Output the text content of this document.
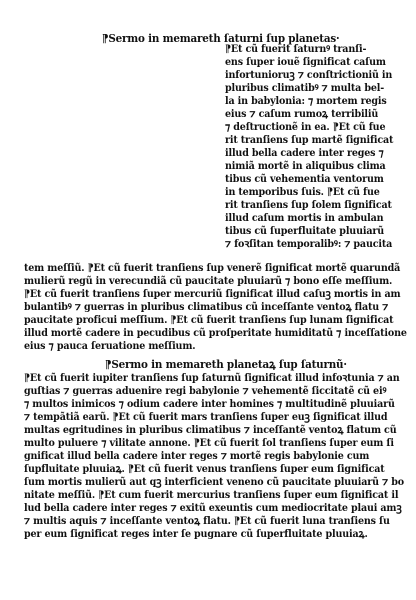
⁋Sermo in memareth ſaturni ſup planetas·
⁋Et cũ fuerit ſaturnꝰ tranſi-
ens ſuper iouẽ ſignificat caſum
infortunioruꝫ ⁊ conſtrictioniũ in
pluribus climatibꝰ ⁊ multa bel-
la in babylonia: ⁊ mortem regis
eius ⁊ caſum rumoꝝ terribiliũ
⁊ deſtructionẽ in ea. ⁋Et cũ fue
rit tranſiens ſup martẽ ſignificat
illud bella cadere inter reges ⁊
nimiã mortẽ in aliquibus clima
tibus cũ vehementia ventorum
in temporibus ſuis. ⁋Et cũ fue
rit tranſiens ſup ſolem ſignificat
illud caſum mortis in ambulan
tibus cũ ſuperfluitate pluuiarũ
⁊ foꝛſitan temporalibꝰ: ⁊ paucita
tem meſſiũ. ⁋Et cũ fuerit tranſiens ſup venerẽ ſignificat mortẽ quarundã
mulierũ regũ in verecundiã cũ paucitate pluuiarũ ⁊ bono eſſe meſſium.
⁋Et cũ fuerit tranſiens ſuper mercuriũ ſignificat illud caſuꝫ mortis in am
bulantibꝰ ⁊ guerras in pluribus climatibus cũ inceſſante ventoꝝ flatu ⁊
paucitate proficui meſſium. ⁋Et cũ fuerit tranſiens ſup lunam ſignificat
illud mortẽ cadere in pecudibus cũ proſperitate humiditatũ ⁊ inceſſatione
eius ⁊ pauca ſeruatione meſſium.
⁋Sermo in memareth planetaꝝ ſup ſaturnũ·
⁋Et cũ fuerit iupiter tranſiens ſup ſaturnũ ſignificat illud infoꝛtunia ⁊ an
guſtias ⁊ guerras aduenire regi babylonie ⁊ vehementẽ ſiccitatẽ cũ eiꝰ
⁊ multos inimicos ⁊ odium cadere inter homines ⁊ multitudinẽ pluuiarũ
⁊ tempãtiã earũ. ⁋Et cũ fuerit mars tranſiens ſuper euꝫ ſignificat illud
multas egritudines in pluribus climatibus ⁊ inceſſantẽ ventoꝝ flatum cũ
multo puluere ⁊ vilitate annone. ⁋Et cũ fuerit ſol tranſiens ſuper eum ſi
gnificat illud bella cadere inter reges ⁊ mortẽ regis babylonie cum ſupfluitate pluuiaꝝ. ⁋Et cũ fuerit venus tranſiens ſuper eum ſignificat
ſum mortis mulierũ aut qꝫ interficient veneno cũ paucitate pluuiarũ ⁊ bo
nitate meſſiũ. ⁋Et cum fuerit mercurius tranſiens ſuper eum ſignificat il
lud bella cadere inter reges ⁊ exitũ exeuntis cum mediocritate plaui amꝫ
⁊ multis aquis ⁊ inceſſante ventoꝝ flatu. ⁋Et cũ fuerit luna tranſiens ſu
per eum ſignificat reges inter ſe pugnare cũ ſuperfluitate pluuiaꝝ.
